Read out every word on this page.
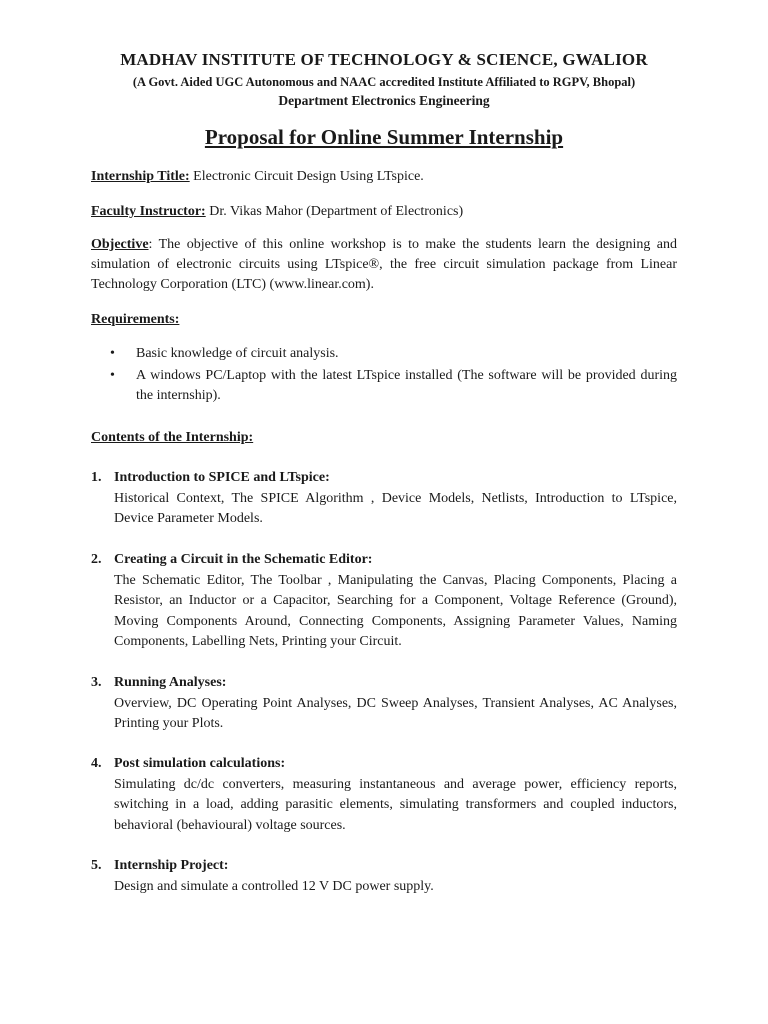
MADHAV INSTITUTE OF TECHNOLOGY & SCIENCE, GWALIOR
(A Govt. Aided UGC Autonomous and NAAC accredited Institute Affiliated to RGPV, Bhopal)
Department Electronics Engineering
Proposal for Online Summer Internship
Internship Title: Electronic Circuit Design Using LTspice.
Faculty Instructor: Dr. Vikas Mahor (Department of Electronics)
Objective: The objective of this online workshop is to make the students learn the designing and simulation of electronic circuits using LTspice®, the free circuit simulation package from Linear Technology Corporation (LTC) (www.linear.com).
Requirements:
• Basic knowledge of circuit analysis.
• A windows PC/Laptop with the latest LTspice installed (The software will be provided during the internship).
Contents of the Internship:
1. Introduction to SPICE and LTspice:
Historical Context, The SPICE Algorithm , Device Models, Netlists, Introduction to LTspice, Device Parameter Models.
2. Creating a Circuit in the Schematic Editor:
The Schematic Editor, The Toolbar , Manipulating the Canvas, Placing Components, Placing a Resistor, an Inductor or a Capacitor, Searching for a Component, Voltage Reference (Ground), Moving Components Around, Connecting Components, Assigning Parameter Values, Naming Components, Labelling Nets, Printing your Circuit.
3. Running Analyses:
Overview, DC Operating Point Analyses, DC Sweep Analyses, Transient Analyses, AC Analyses, Printing your Plots.
4. Post simulation calculations:
Simulating dc/dc converters, measuring instantaneous and average power, efficiency reports, switching in a load, adding parasitic elements, simulating transformers and coupled inductors, behavioral (behavioural) voltage sources.
5. Internship Project:
Design and simulate a controlled 12 V DC power supply.
